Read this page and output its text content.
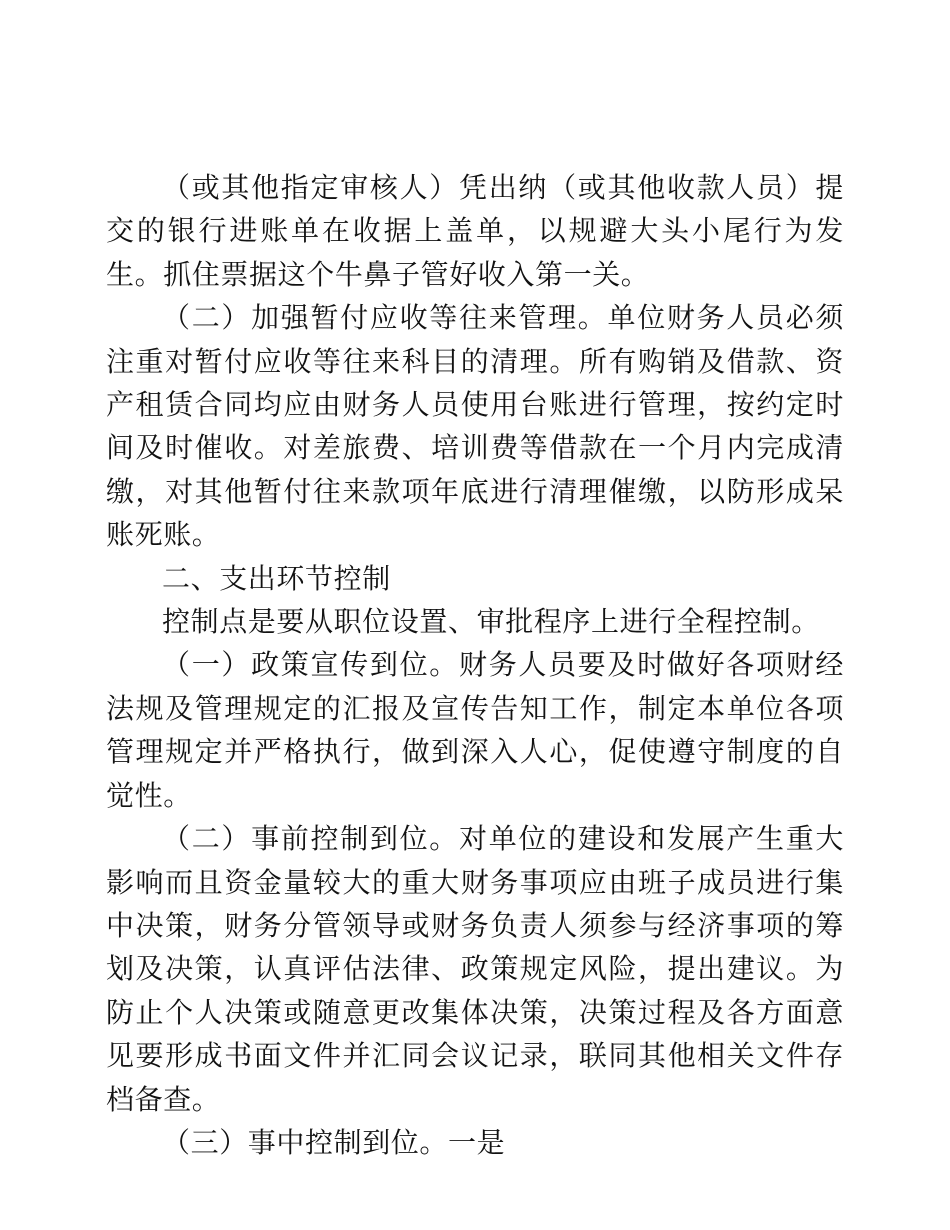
（或其他指定审核人）凭出纳（或其他收款人员）提交的银行进账单在收据上盖单，以规避大头小尾行为发生。抓住票据这个牛鼻子管好收入第一关。

（二）加强暂付应收等往来管理。单位财务人员必须注重对暂付应收等往来科目的清理。所有购销及借款、资产租赁合同均应由财务人员使用台账进行管理，按约定时间及时催收。对差旅费、培训费等借款在一个月内完成清缴，对其他暂付往来款项年底进行清理催缴，以防形成呆账死账。

二、支出环节控制

控制点是要从职位设置、审批程序上进行全程控制。

（一）政策宣传到位。财务人员要及时做好各项财经法规及管理规定的汇报及宣传告知工作，制定本单位各项管理规定并严格执行，做到深入人心，促使遵守制度的自觉性。

（二）事前控制到位。对单位的建设和发展产生重大影响而且资金量较大的重大财务事项应由班子成员进行集中决策，财务分管领导或财务负责人须参与经济事项的筹划及决策，认真评估法律、政策规定风险，提出建议。为防止个人决策或随意更改集体决策，决策过程及各方面意见要形成书面文件并汇同会议记录，联同其他相关文件存档备查。

（三）事中控制到位。一是
